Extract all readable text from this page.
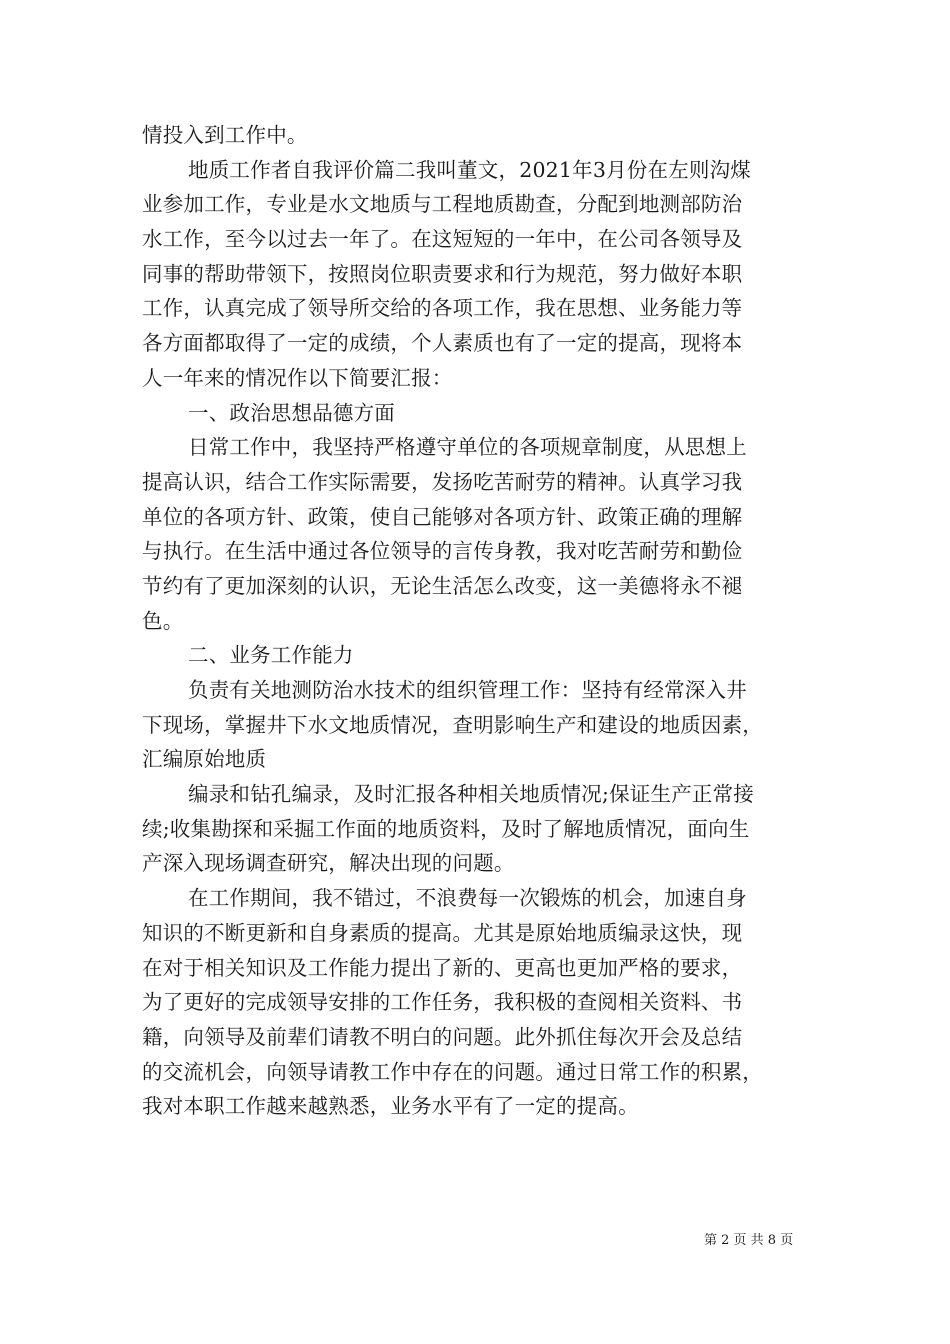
情投入到工作中。
地质工作者自我评价篇二我叫董文，2021年3月份在左则沟煤
业参加工作，专业是水文地质与工程地质勘查，分配到地测部防治
水工作，至今以过去一年了。在这短短的一年中，在公司各领导及
同事的帮助带领下，按照岗位职责要求和行为规范，努力做好本职
工作，认真完成了领导所交给的各项工作，我在思想、业务能力等
各方面都取得了一定的成绩，个人素质也有了一定的提高，现将本
人一年来的情况作以下简要汇报：
一、政治思想品德方面
日常工作中，我坚持严格遵守单位的各项规章制度，从思想上
提高认识，结合工作实际需要，发扬吃苦耐劳的精神。认真学习我
单位的各项方针、政策，使自己能够对各项方针、政策正确的理解
与执行。在生活中通过各位领导的言传身教，我对吃苦耐劳和勤俭
节约有了更加深刻的认识，无论生活怎么改变，这一美德将永不褪
色。
二、业务工作能力
负责有关地测防治水技术的组织管理工作：坚持有经常深入井
下现场，掌握井下水文地质情况，查明影响生产和建设的地质因素，
汇编原始地质
编录和钻孔编录，及时汇报各种相关地质情况;保证生产正常接
续;收集勘探和采掘工作面的地质资料，及时了解地质情况，面向生
产深入现场调查研究，解决出现的问题。
在工作期间，我不错过，不浪费每一次锻炼的机会，加速自身
知识的不断更新和自身素质的提高。尤其是原始地质编录这快，现
在对于相关知识及工作能力提出了新的、更高也更加严格的要求，
为了更好的完成领导安排的工作任务，我积极的查阅相关资料、书
籍，向领导及前辈们请教不明白的问题。此外抓住每次开会及总结
的交流机会，向领导请教工作中存在的问题。通过日常工作的积累，
我对本职工作越来越熟悉，业务水平有了一定的提高。
第 2 页 共 8 页
